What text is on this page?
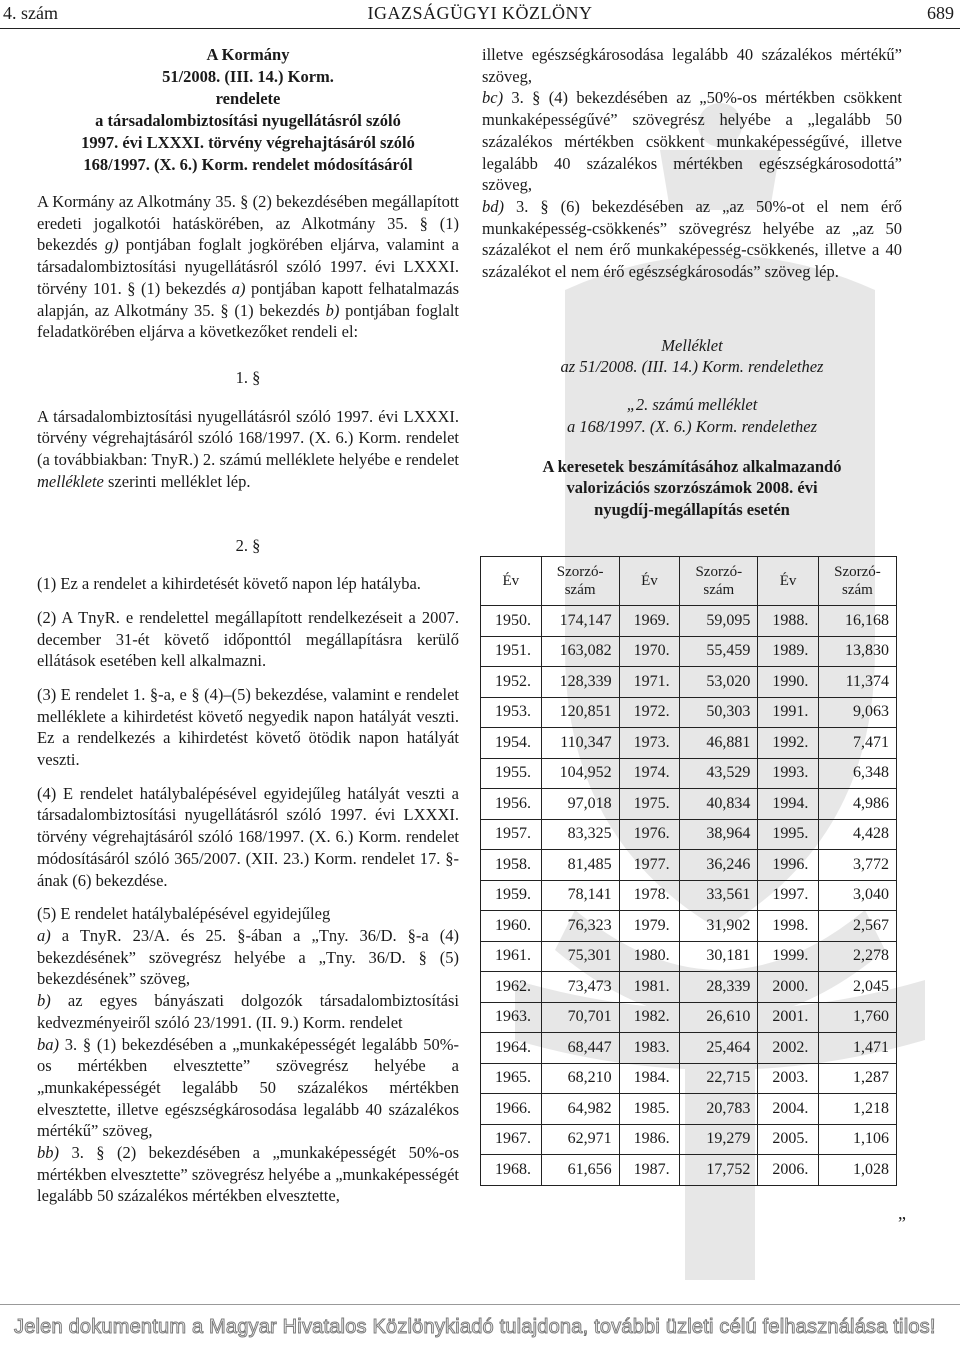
4. szám	IGAZSÁGÜGYI KÖZLÖNY	689
A Kormány
51/2008. (III. 14.) Korm.
rendelete
a társadalombiztosítási nyugellátásról szóló
1997. évi LXXXI. törvény végrehajtásáról szóló
168/1997. (X. 6.) Korm. rendelet módosításáról

A Kormány az Alkotmány 35. § (2) bekezdésében megállapított eredeti jogalkotói hatáskörében, az Alkotmány 35. § (1) bekezdés g) pontjában foglalt jogkörében eljárva, valamint a társadalombiztosítási nyugellátásról szóló 1997. évi LXXXI. törvény 101. § (1) bekezdés a) pontjában kapott felhatalmazás alapján, az Alkotmány 35. § (1) bekezdés b) pontjában foglalt feladatkörében eljárva a következőket rendeli el:

1. §

A társadalombiztosítási nyugellátásról szóló 1997. évi LXXXI. törvény végrehajtásáról szóló 168/1997. (X. 6.) Korm. rendelet (a továbbiakban: TnyR.) 2. számú melléklete helyébe e rendelet melléklete szerinti melléklet lép.

2. §

(1) Ez a rendelet a kihirdetését követő napon lép hatályba.

(2) A TnyR. e rendelettel megállapított rendelkezéseit a 2007. december 31-ét követő időponttól megállapításra kerülő ellátások esetében kell alkalmazni.

(3) E rendelet 1. §-a, e § (4)–(5) bekezdése, valamint e rendelet melléklete a kihirdetést követő negyedik napon hatályát veszti. Ez a rendelkezés a kihirdetést követő ötödik napon hatályát veszti.

(4) E rendelet hatálybalépésével egyidejűleg hatályát veszti a társadalombiztosítási nyugellátásról szóló 1997. évi LXXXI. törvény végrehajtásáról szóló 168/1997. (X. 6.) Korm. rendelet módosításáról szóló 365/2007. (XII. 23.) Korm. rendelet 17. §-ának (6) bekezdése.

(5) E rendelet hatálybalépésével egyidejűleg

a) a TnyR. 23/A. és 25. §-ában a „Tny. 36/D. §-a (4) bekezdésének” szövegrész helyébe a „Tny. 36/D. § (5) bekezdésének” szöveg,

b) az egyes bányászati dolgozók társadalombiztosítási kedvezményeiről szóló 23/1991. (II. 9.) Korm. rendelet

ba) 3. § (1) bekezdésében a „munkaképességét legalább 50%-os mértékben elvesztette” szövegrész helyébe a „munkaképességét legalább 50 százalékos mértékben elvesztette, illetve egészségkárosodása legalább 40 százalékos mértékű” szöveg,

bb) 3. § (2) bekezdésében a „munkaképességét 50%-os mértékben elvesztette” szövegrész helyébe a „munkaképességét legalább 50 százalékos mértékben elvesztette,

illetve egészségkárosodása legalább 40 százalékos mértékű” szöveg,

bc) 3. § (4) bekezdésében az „50%-os mértékben csökkent munkaképességűvé” szövegrész helyébe a „legalább 50 százalékos mértékben csökkent munkaképességűvé, illetve legalább 40 százalékos mértékben egészségkárosodottá” szöveg,

bd) 3. § (6) bekezdésében az „az 50%-ot el nem érő munkaképesség-csökkenés” szövegrész helyébe az „az 50 százalékot el nem érő munkaképesség-csökkenés, illetve a 40 százalékot el nem érő egészségkárosodás” szöveg lép.

Melléklet
az 51/2008. (III. 14.) Korm. rendelethez
„2. számú melléklet
a 168/1997. (X. 6.) Korm. rendelethez
A keresetek beszámításához alkalmazandó
valorizációs szorzószámok 2008. évi
nyugdíj-megállapítás esetén
Év	Szorzó-szám	Év	Szorzó-szám	Év	Szorzó-szám
1950.	174,147	1969.	59,095	1988.	16,168
1951.	163,082	1970.	55,459	1989.	13,830
1952.	128,339	1971.	53,020	1990.	11,374
1953.	120,851	1972.	50,303	1991.	9,063
1954.	110,347	1973.	46,881	1992.	7,471
1955.	104,952	1974.	43,529	1993.	6,348
1956.	97,018	1975.	40,834	1994.	4,986
1957.	83,325	1976.	38,964	1995.	4,428
1958.	81,485	1977.	36,246	1996.	3,772
1959.	78,141	1978.	33,561	1997.	3,040
1960.	76,323	1979.	31,902	1998.	2,567
1961.	75,301	1980.	30,181	1999.	2,278
1962.	73,473	1981.	28,339	2000.	2,045
1963.	70,701	1982.	26,610	2001.	1,760
1964.	68,447	1983.	25,464	2002.	1,471
1965.	68,210	1984.	22,715	2003.	1,287
1966.	64,982	1985.	20,783	2004.	1,218
1967.	62,971	1986.	19,279	2005.	1,106
1968.	61,656	1987.	17,752	2006.	1,028
”
Jelen dokumentum a Magyar Hivatalos Közlönykiadó tulajdona, további üzleti célú felhasználása tilos!
